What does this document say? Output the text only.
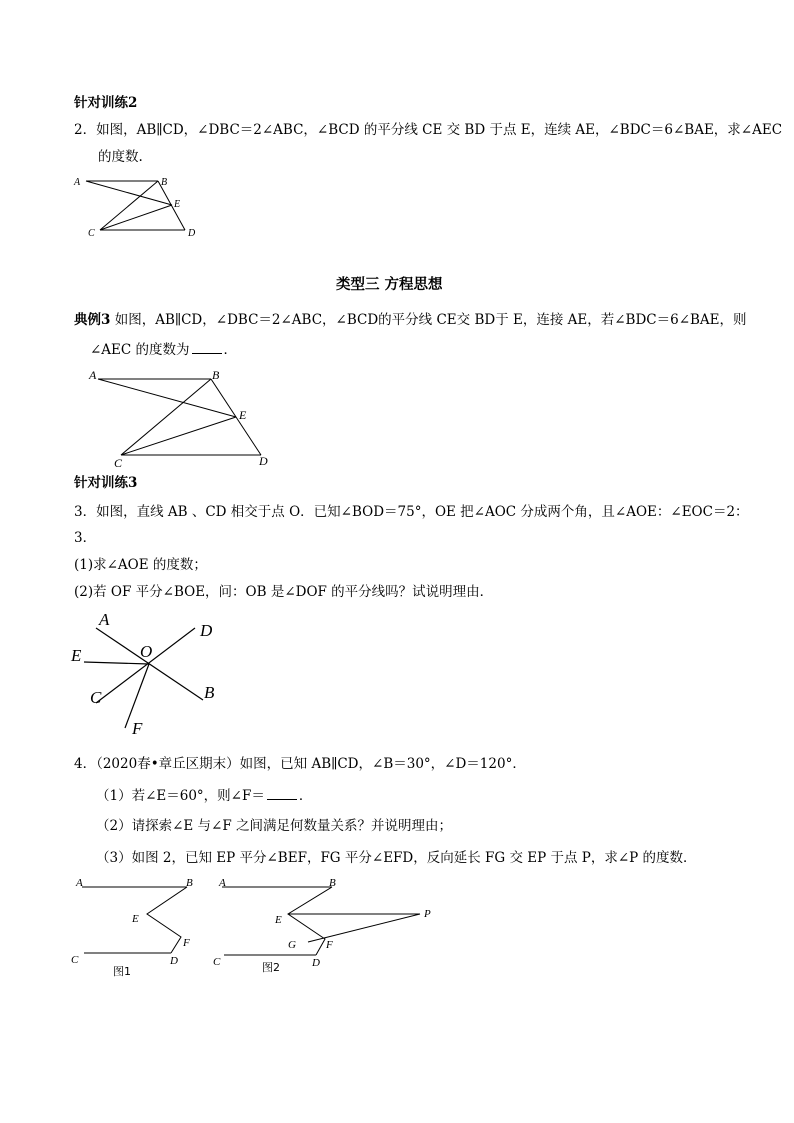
针对训练2
2．如图，AB∥CD，∠DBC＝2∠ABC，∠BCD 的平分线 CE 交 BD 于点 E，连续 AE，∠BDC＝6∠BAE，求∠AEC
的度数.
A	B
E
C	D
类型三 方程思想
典例3 如图，AB∥CD，∠DBC＝2∠ABC，∠BCD的平分线 CE交 BD于 E，连接 AE，若∠BDC＝6∠BAE，则
∠AEC 的度数为	．
A	B
E
C	D
针对训练3
3．如图，直线 AB 、CD 相交于点 O．已知∠BOD＝75°，OE 把∠AOC 分成两个角，且∠AOE：∠EOC＝2：
3．
(1)求∠AOE 的度数；
(2)若 OF 平分∠BOE，问：OB 是∠DOF 的平分线吗？试说明理由．
A
D
O
E
B
C
F
4．（2020春•章丘区期末）如图，已知 AB∥CD，∠B＝30°，∠D＝120°．
（1）若∠E＝60°，则∠F＝	．
（2）请探索∠E 与∠F 之间满足何数量关系？并说明理由；
（3）如图 2，已知 EP 平分∠BEF，FG 平分∠EFD，反向延长 FG 交 EP 于点 P，求∠P 的度数．
A	B
E
F
C	D
图1
A	B
E	P
G	F
C	D
图2
